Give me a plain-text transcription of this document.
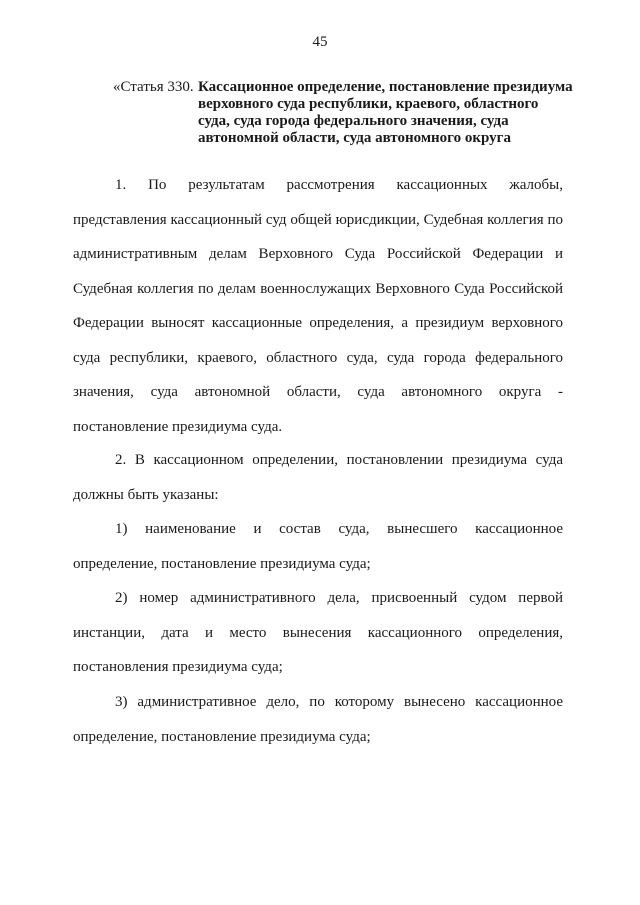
45
«Статья 330. Кассационное определение, постановление президиума верховного суда республики, краевого, областного суда, суда города федерального значения, суда автономной области, суда автономного округа

1. По результатам рассмотрения кассационных жалобы, представления кассационный суд общей юрисдикции, Судебная коллегия по административным делам Верховного Суда Российской Федерации и Судебная коллегия по делам военнослужащих Верховного Суда Российской Федерации выносят кассационные определения, а президиум верховного суда республики, краевого, областного суда, суда города федерального значения, суда автономной области, суда автономного округа - постановление президиума суда.

2. В кассационном определении, постановлении президиума суда должны быть указаны:

1) наименование и состав суда, вынесшего кассационное определение, постановление президиума суда;

2) номер административного дела, присвоенный судом первой инстанции, дата и место вынесения кассационного определения, постановления президиума суда;

3) административное дело, по которому вынесено кассационное определение, постановление президиума суда;
